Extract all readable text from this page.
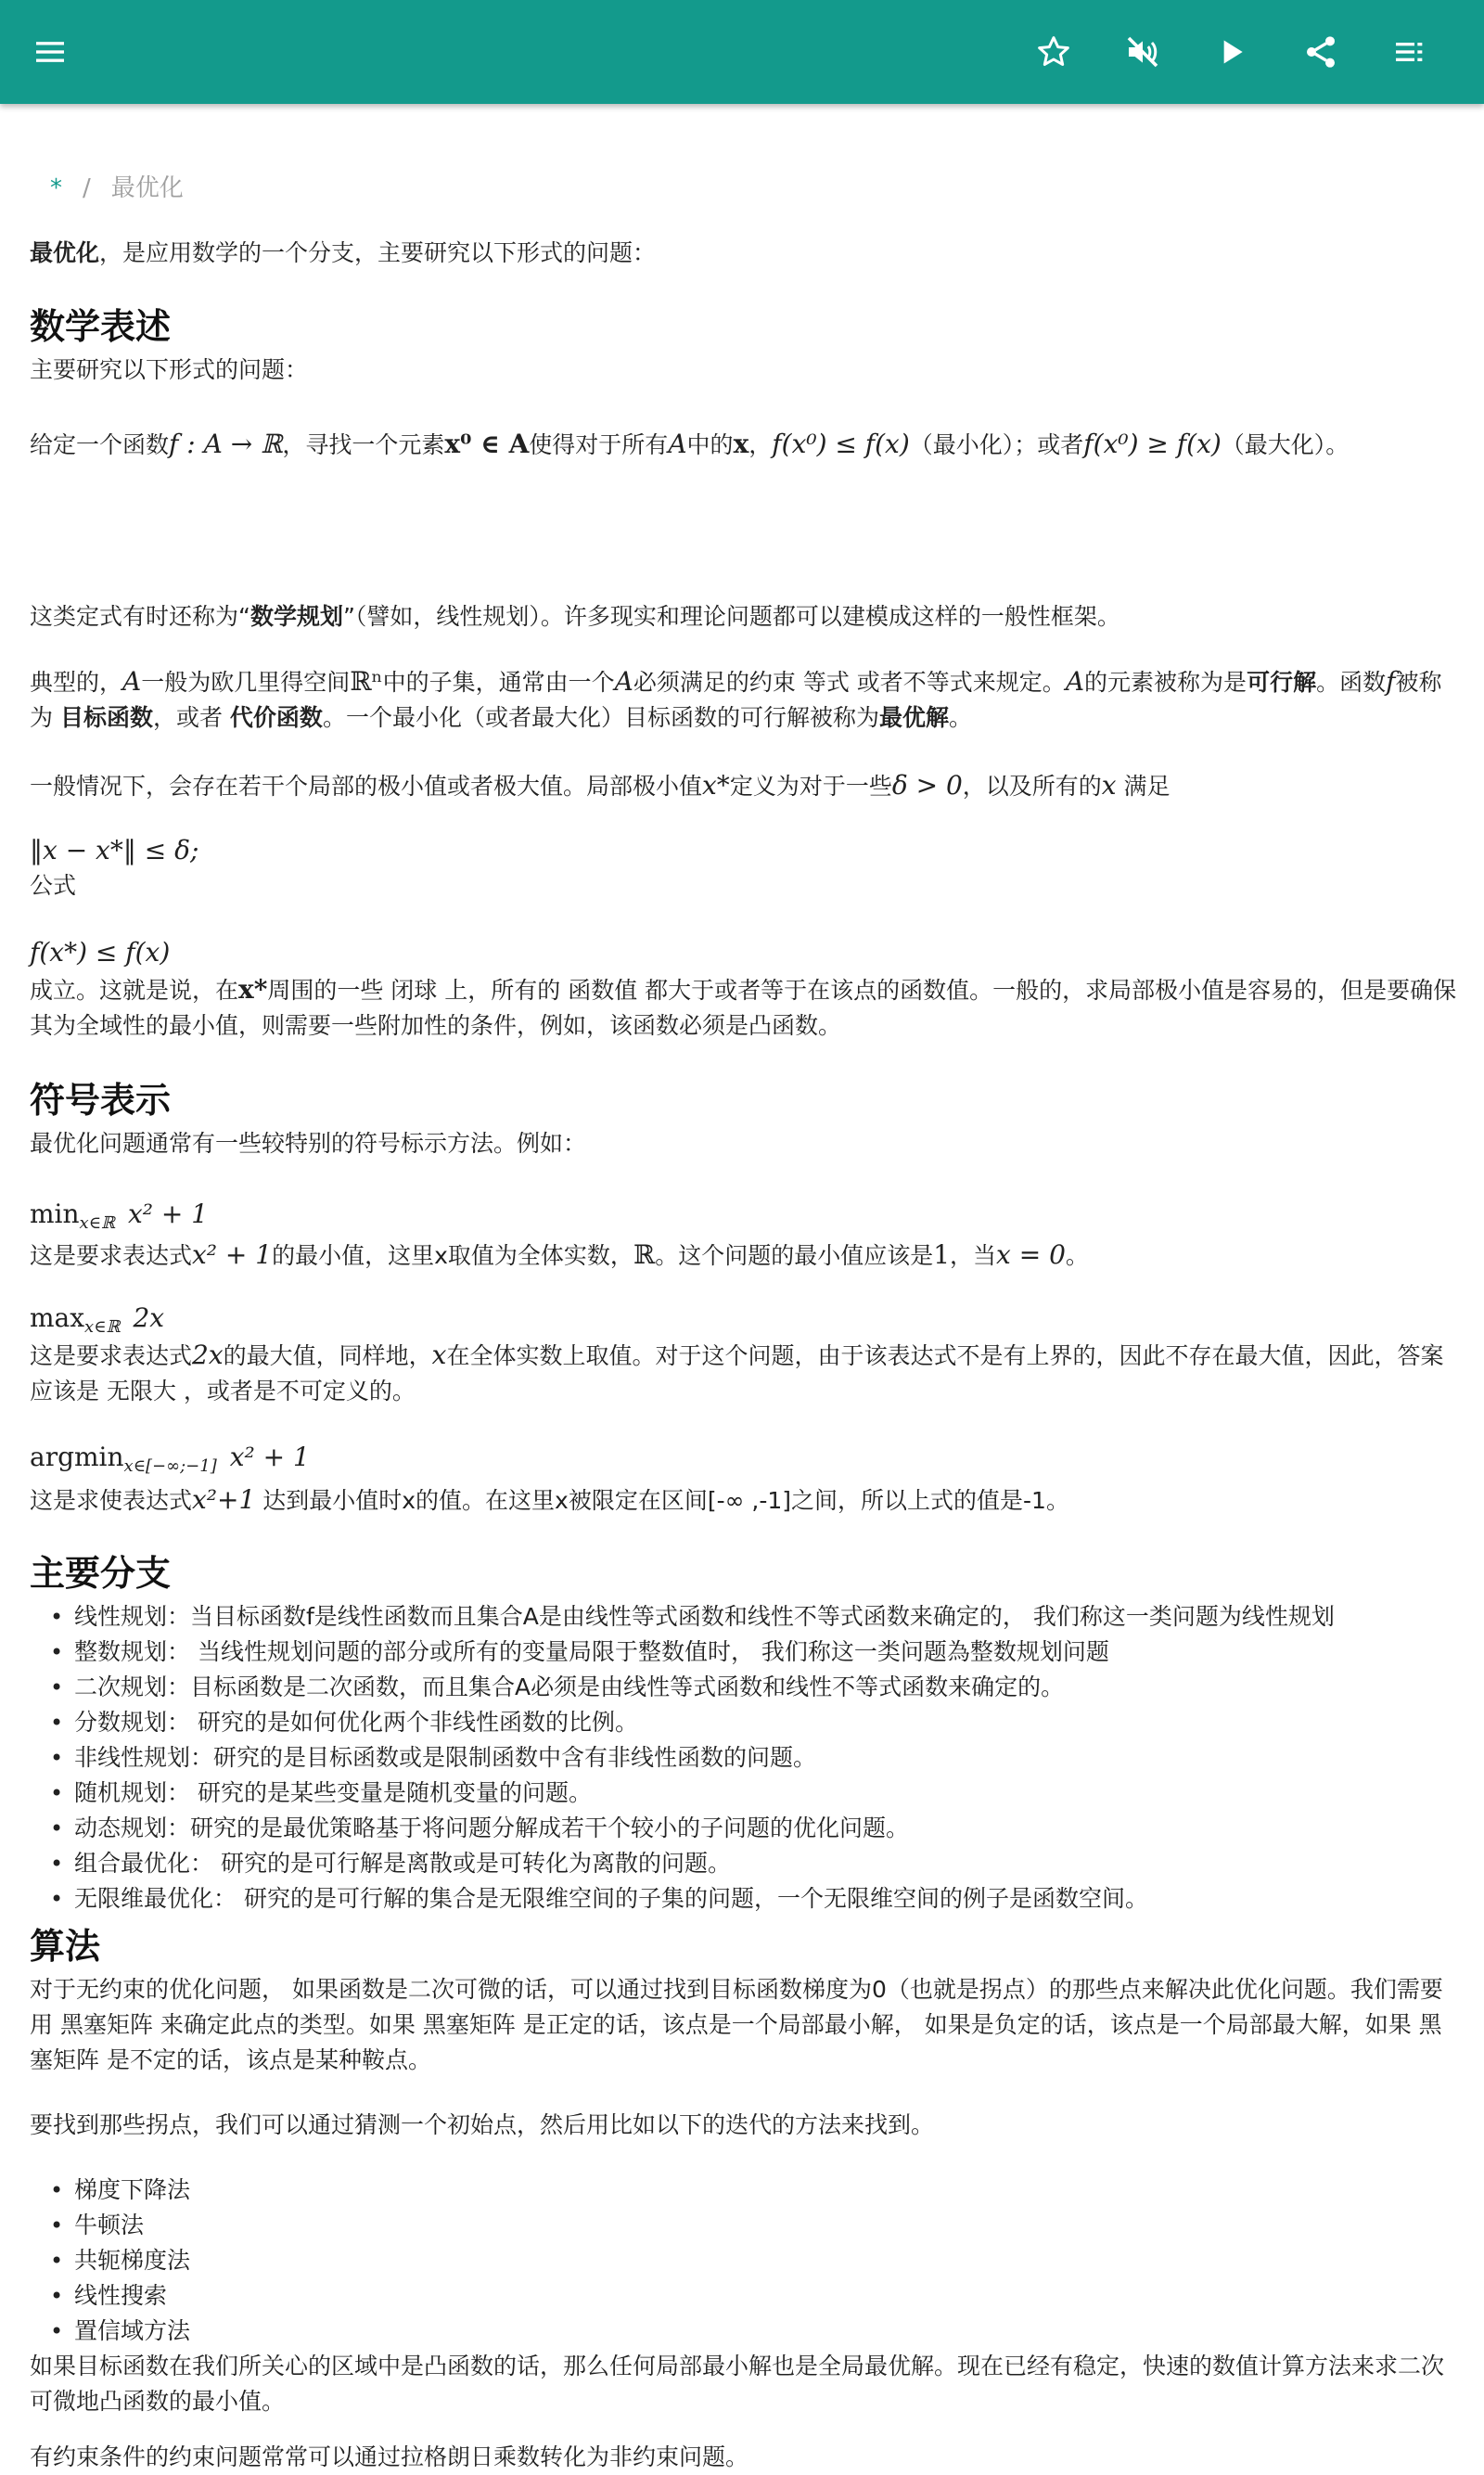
* / 最优化
最优化，是应用数学的一个分支，主要研究以下形式的问题：
数学表述
主要研究以下形式的问题：
给定一个函数f : A → ℝ，寻找一个元素x⁰ ∈ A使得对于所有A中的x，f(x⁰) ≤ f(x)（最小化）；或者f(x⁰) ≥ f(x)（最大化）。
这类定式有时还称为“数学规划”（譬如，线性规划）。许多现实和理论问题都可以建模成这样的一般性框架。
典型的，A一般为欧几里得空间ℝⁿ中的子集，通常由一个A必须满足的约束 等式 或者不等式来规定。A的元素被称为是可行解。函数f被称为 目标函数，或者 代价函数。一个最小化（或者最大化）目标函数的可行解被称为最优解。
一般情况下，会存在若干个局部的极小值或者极大值。局部极小值x*定义为对于一些δ > 0，以及所有的x 满足
‖x − x*‖ ≤ δ;
公式
f(x*) ≤ f(x)
成立。这就是说，在x*周围的一些 闭球 上，所有的 函数值 都大于或者等于在该点的函数值。一般的，求局部极小值是容易的，但是要确保其为全域性的最小值，则需要一些附加性的条件，例如，该函数必须是凸函数。
符号表示
最优化问题通常有一些较特别的符号标示方法。例如：
$\min_{x\in ℝ} x^2 + 1$
这是要求表达式x² + 1的最小值，这里x取值为全体实数，ℝ。这个问题的最小值应该是1，当x = 0。
$\max_{x\in ℝ} 2x$
这是要求表达式2x的最大值，同样地，x在全体实数上取值。对于这个问题，由于该表达式不是有上界的，因此不存在最大值，因此，答案应该是 无限大 ，或者是不可定义的。
argmin$_{x\in[-\infty;-1]}$ x² + 1
这是求使表达式x²+1 达到最小值时x的值。在这里x被限定在区间[-∞ ,-1]之间，所以上式的值是-1。
主要分支
• 线性规划：当目标函数f是线性函数而且集合A是由线性等式函数和线性不等式函数来确定的， 我们称这一类问题为线性规划
• 整数规划： 当线性规划问题的部分或所有的变量局限于整数值时， 我们称这一类问题為整数规划问题
• 二次规划：目标函数是二次函数，而且集合A必须是由线性等式函数和线性不等式函数来确定的。
• 分数规划： 研究的是如何优化两个非线性函数的比例。
• 非线性规划：研究的是目标函数或是限制函数中含有非线性函数的问题。
• 随机规划： 研究的是某些变量是随机变量的问题。
• 动态规划：研究的是最优策略基于将问题分解成若干个较小的子问题的优化问题。
• 组合最优化： 研究的是可行解是离散或是可转化为离散的问题。
• 无限维最优化： 研究的是可行解的集合是无限维空间的子集的问题，一个无限维空间的例子是函数空间。
算法
对于无约束的优化问题， 如果函数是二次可微的话，可以通过找到目标函数梯度为0（也就是拐点）的那些点来解决此优化问题。我们需要用 黑塞矩阵 来确定此点的类型。如果 黑塞矩阵 是正定的话，该点是一个局部最小解， 如果是负定的话，该点是一个局部最大解，如果 黑塞矩阵 是不定的话，该点是某种鞍点。
要找到那些拐点，我们可以通过猜测一个初始点，然后用比如以下的迭代的方法来找到。
• 梯度下降法
• 牛顿法
• 共轭梯度法
• 线性搜索
• 置信域方法
如果目标函数在我们所关心的区域中是凸函数的话，那么任何局部最小解也是全局最优解。现在已经有稳定，快速的数值计算方法来求二次可微地凸函数的最小值。
有约束条件的约束问题常常可以通过拉格朗日乘数转化为非约束问题。
